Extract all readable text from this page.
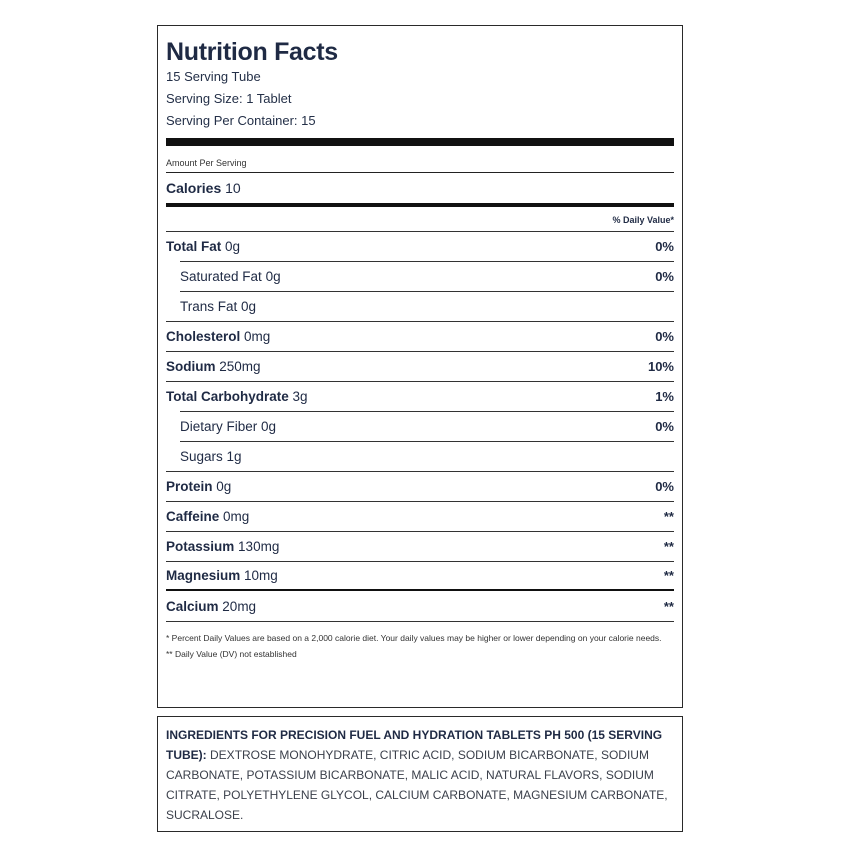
Nutrition Facts
15 Serving Tube
Serving Size: 1 Tablet
Serving Per Container: 15
Amount Per Serving
Calories 10
% Daily Value*
Total Fat 0g	0%
Saturated Fat 0g	0%
Trans Fat 0g
Cholesterol 0mg	0%
Sodium 250mg	10%
Total Carbohydrate 3g	1%
Dietary Fiber 0g	0%
Sugars 1g
Protein 0g	0%
Caffeine 0mg	**
Potassium 130mg	**
Magnesium 10mg	**
Calcium 20mg	**
* Percent Daily Values are based on a 2,000 calorie diet. Your daily values may be higher or lower depending on your calorie needs.
** Daily Value (DV) not established
INGREDIENTS FOR PRECISION FUEL AND HYDRATION TABLETS PH 500 (15 SERVING TUBE): DEXTROSE MONOHYDRATE, CITRIC ACID, SODIUM BICARBONATE, SODIUM CARBONATE, POTASSIUM BICARBONATE, MALIC ACID, NATURAL FLAVORS, SODIUM CITRATE, POLYETHYLENE GLYCOL, CALCIUM CARBONATE, MAGNESIUM CARBONATE, SUCRALOSE.
